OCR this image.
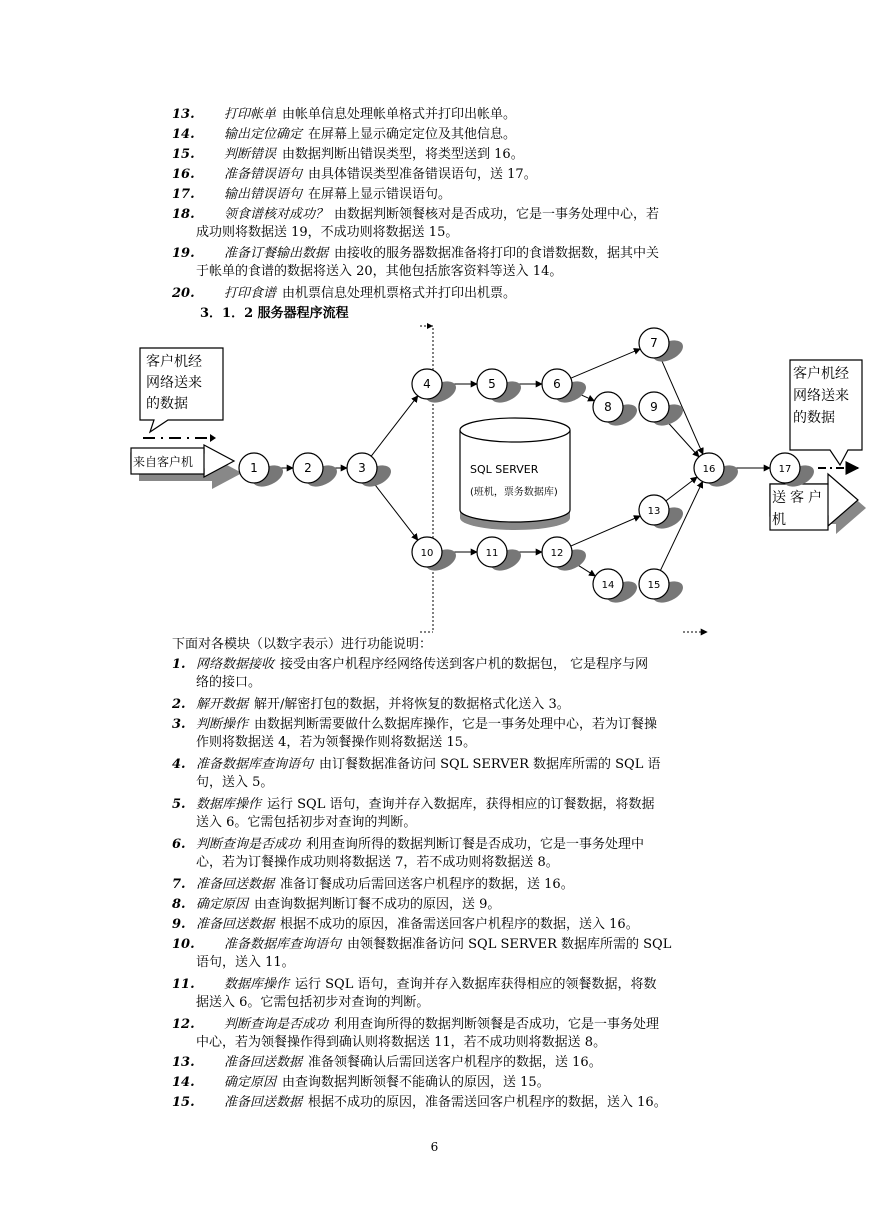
13. 打印帐单 由帐单信息处理帐单格式并打印出帐单。
14. 输出定位确定 在屏幕上显示确定定位及其他信息。
15. 判断错误 由数据判断出错误类型，将类型送到 16。
16. 准备错误语句 由具体错误类型准备错误语句，送 17。
17. 输出错误语句 在屏幕上显示错误语句。
18. 领食谱核对成功？ 由数据判断领餐核对是否成功，它是一事务处理中心，若
成功则将数据送 19，不成功则将数据送 15。
19. 准备订餐输出数据 由接收的服务器数据准备将打印的食谱数据数，据其中关
于帐单的食谱的数据将送入 20，其他包括旅客资料等送入 14。
20. 打印食谱 由机票信息处理机票格式并打印出机票。
3．1．2 服务器程序流程
客户机经
网络送来
的数据
来自客户机
SQL SERVER
(班机，票务数据库)
客户机经
网络送来
的数据
送客户
机
1	2	3
4	5	6
7
8	9
10	11	12
13
14	15
16	17
下面对各模块（以数字表示）进行功能说明：
1. 网络数据接收 接受由客户机程序经网络传送到客户机的数据包， 它是程序与网
络的接口。
2. 解开数据 解开/解密打包的数据，并将恢复的数据格式化送入 3。
3. 判断操作 由数据判断需要做什么数据库操作，它是一事务处理中心，若为订餐操
作则将数据送 4，若为领餐操作则将数据送 15。
4. 准备数据库查询语句 由订餐数据准备访问 SQL SERVER 数据库所需的 SQL 语
句，送入 5。
5. 数据库操作 运行 SQL 语句，查询并存入数据库，获得相应的订餐数据，将数据
送入 6。它需包括初步对查询的判断。
6. 判断查询是否成功 利用查询所得的数据判断订餐是否成功，它是一事务处理中
心，若为订餐操作成功则将数据送 7，若不成功则将数据送 8。
7. 准备回送数据 准备订餐成功后需回送客户机程序的数据，送 16。
8. 确定原因 由查询数据判断订餐不成功的原因，送 9。
9. 准备回送数据 根据不成功的原因，准备需送回客户机程序的数据，送入 16。
10. 准备数据库查询语句 由领餐数据准备访问 SQL SERVER 数据库所需的 SQL
语句，送入 11。
11. 数据库操作 运行 SQL 语句，查询并存入数据库获得相应的领餐数据，将数
据送入 6。它需包括初步对查询的判断。
12. 判断查询是否成功 利用查询所得的数据判断领餐是否成功，它是一事务处理
中心，若为领餐操作得到确认则将数据送 11，若不成功则将数据送 8。
13. 准备回送数据 准备领餐确认后需回送客户机程序的数据，送 16。
14. 确定原因 由查询数据判断领餐不能确认的原因，送 15。
15. 准备回送数据 根据不成功的原因，准备需送回客户机程序的数据，送入 16。
6
